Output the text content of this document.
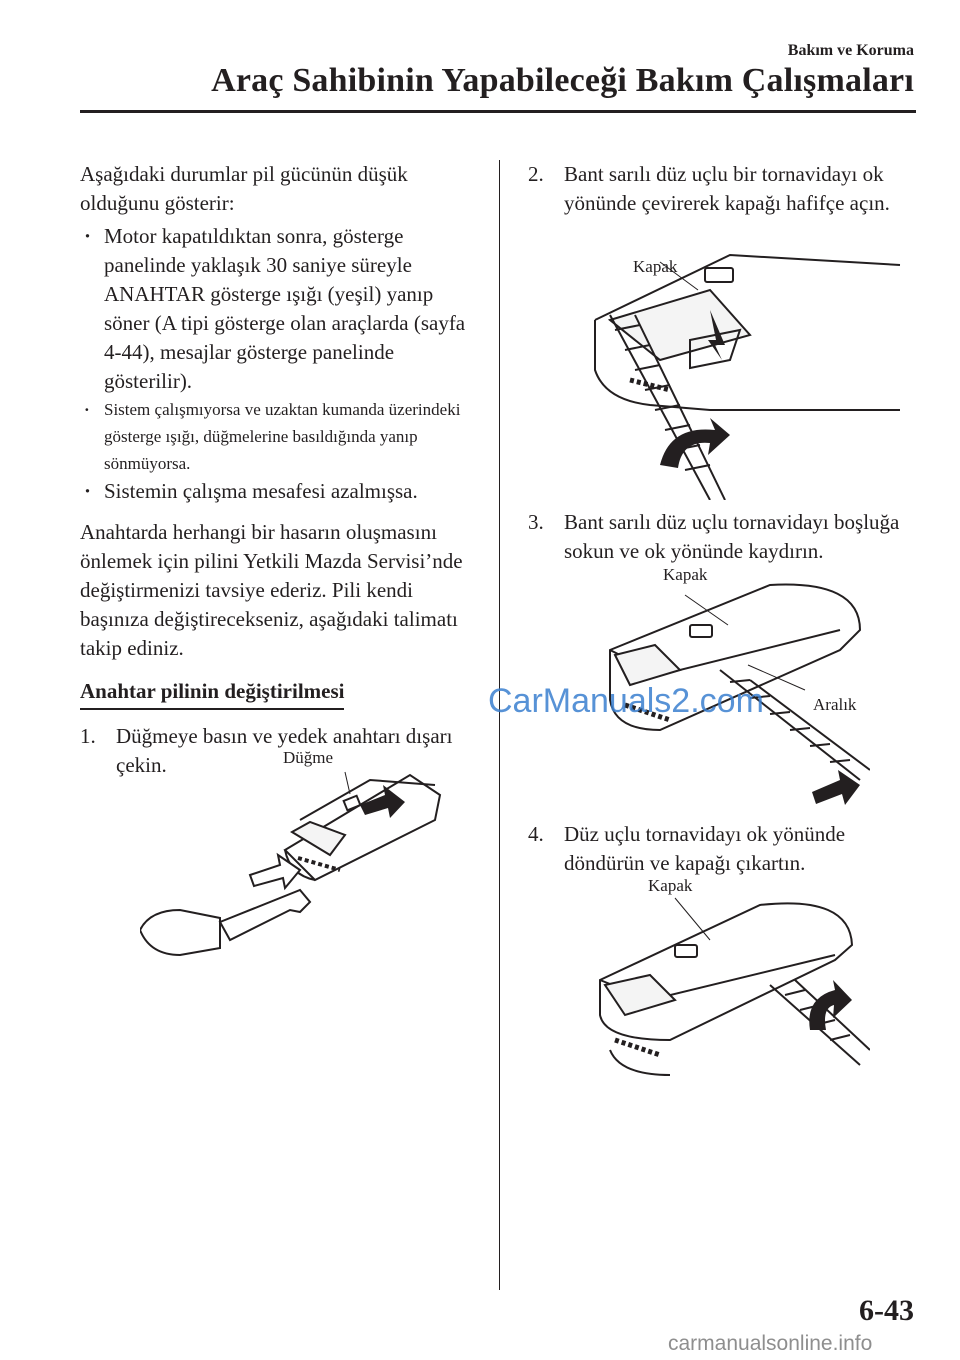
Bakım ve Koruma
Araç Sahibinin Yapabileceği Bakım Çalışmaları

Aşağıdaki durumlar pil gücünün düşük olduğunu gösterir:

· Motor kapatıldıktan sonra, gösterge panelinde yaklaşık 30 saniye süreyle ANAHTAR gösterge ışığı (yeşil) yanıp söner (A tipi gösterge olan araçlarda (sayfa 4-44), mesajlar gösterge panelinde gösterilir).

· Sistem çalışmıyorsa ve uzaktan kumanda üzerindeki gösterge ışığı, düğmelerine basıldığında yanıp sönmüyorsa.

· Sistemin çalışma mesafesi azalmışsa.

Anahtarda herhangi bir hasarın oluşmasını önlemek için pilini Yetkili Mazda Servisi’nde değiştirmenizi tavsiye ederiz. Pili kendi başınıza değiştirecekseniz, aşağıdaki talimatı takip ediniz.

Anahtar pilinin değiştirilmesi

1. Düğmeye basın ve yedek anahtarı dışarı çekin.	Düğme

2. Bant sarılı düz uçlu bir tornavidayı ok yönünde çevirerek kapağı hafifçe açın.

Kapak

3. Bant sarılı düz uçlu tornavidayı boşluğa sokun ve ok yönünde kaydırın.

Kapak
Aralık

4. Düz uçlu tornavidayı ok yönünde döndürün ve kapağı çıkartın.

Kapak
CarManuals2.com
6-43
carmanualsonline.info
